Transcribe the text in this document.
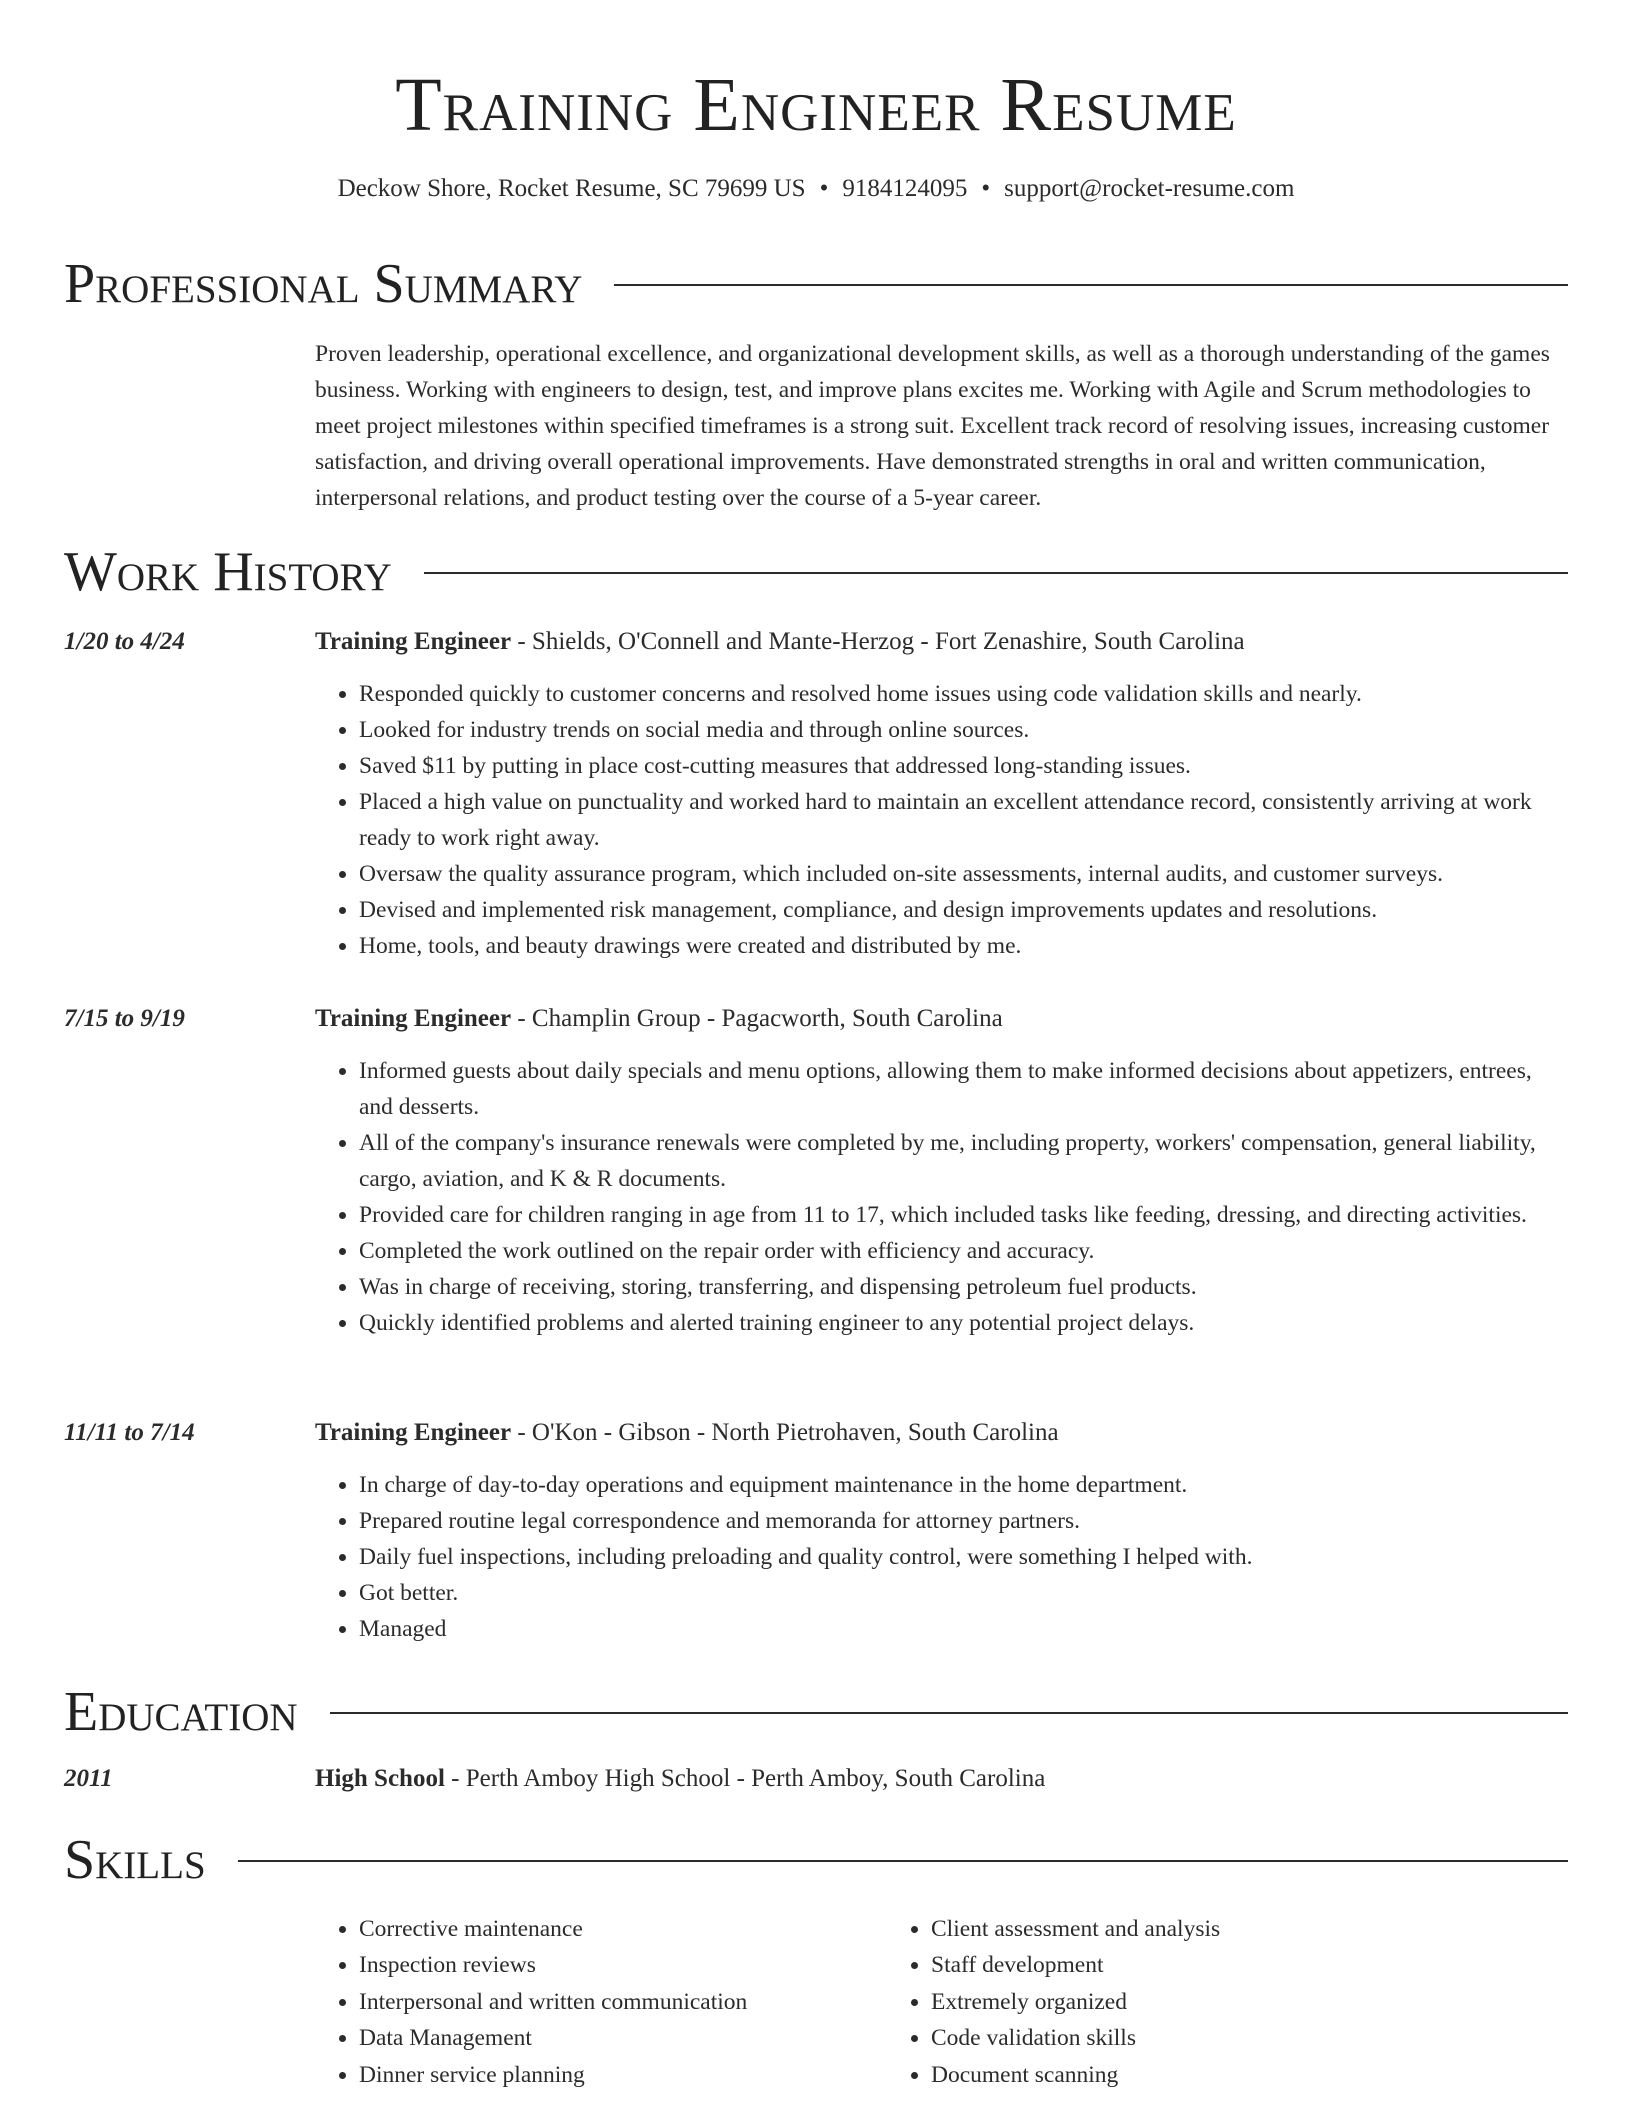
Training Engineer Resume
Deckow Shore, Rocket Resume, SC 79699 US • 9184124095 • support@rocket-resume.com
Professional Summary
Proven leadership, operational excellence, and organizational development skills, as well as a thorough understanding of the games business. Working with engineers to design, test, and improve plans excites me. Working with Agile and Scrum methodologies to meet project milestones within specified timeframes is a strong suit. Excellent track record of resolving issues, increasing customer satisfaction, and driving overall operational improvements. Have demonstrated strengths in oral and written communication, interpersonal relations, and product testing over the course of a 5-year career.
Work History
1/20 to 4/24	Training Engineer - Shields, O'Connell and Mante-Herzog - Fort Zenashire, South Carolina
• Responded quickly to customer concerns and resolved home issues using code validation skills and nearly.
• Looked for industry trends on social media and through online sources.
• Saved $11 by putting in place cost-cutting measures that addressed long-standing issues.
• Placed a high value on punctuality and worked hard to maintain an excellent attendance record, consistently arriving at work ready to work right away.
• Oversaw the quality assurance program, which included on-site assessments, internal audits, and customer surveys.
• Devised and implemented risk management, compliance, and design improvements updates and resolutions.
• Home, tools, and beauty drawings were created and distributed by me.
7/15 to 9/19	Training Engineer - Champlin Group - Pagacworth, South Carolina
• Informed guests about daily specials and menu options, allowing them to make informed decisions about appetizers, entrees, and desserts.
• All of the company's insurance renewals were completed by me, including property, workers' compensation, general liability, cargo, aviation, and K & R documents.
• Provided care for children ranging in age from 11 to 17, which included tasks like feeding, dressing, and directing activities.
• Completed the work outlined on the repair order with efficiency and accuracy.
• Was in charge of receiving, storing, transferring, and dispensing petroleum fuel products.
• Quickly identified problems and alerted training engineer to any potential project delays.
11/11 to 7/14	Training Engineer - O'Kon - Gibson - North Pietrohaven, South Carolina
• In charge of day-to-day operations and equipment maintenance in the home department.
• Prepared routine legal correspondence and memoranda for attorney partners.
• Daily fuel inspections, including preloading and quality control, were something I helped with.
• Got better.
• Managed
Education
2011	High School - Perth Amboy High School - Perth Amboy, South Carolina
Skills
• Corrective maintenance
• Inspection reviews
• Interpersonal and written communication
• Data Management
• Dinner service planning
• Client assessment and analysis
• Staff development
• Extremely organized
• Code validation skills
• Document scanning
